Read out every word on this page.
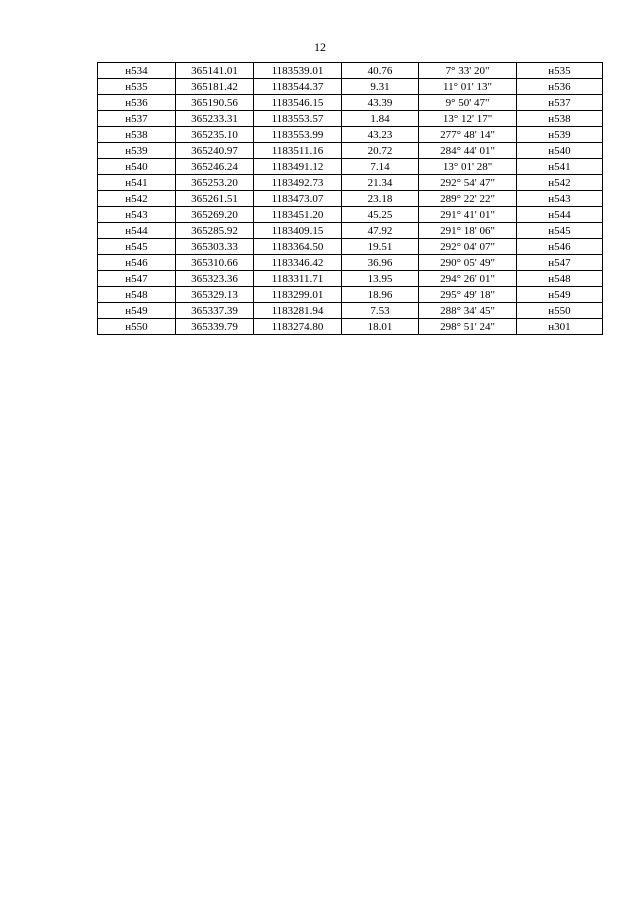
12
н534	365141.01	1183539.01	40.76	7° 33' 20"	н535
н535	365181.42	1183544.37	9.31	11° 01' 13"	н536
н536	365190.56	1183546.15	43.39	9° 50' 47"	н537
н537	365233.31	1183553.57	1.84	13° 12' 17"	н538
н538	365235.10	1183553.99	43.23	277° 48' 14"	н539
н539	365240.97	1183511.16	20.72	284° 44' 01"	н540
н540	365246.24	1183491.12	7.14	13° 01' 28"	н541
н541	365253.20	1183492.73	21.34	292° 54' 47"	н542
н542	365261.51	1183473.07	23.18	289° 22' 22"	н543
н543	365269.20	1183451.20	45.25	291° 41' 01"	н544
н544	365285.92	1183409.15	47.92	291° 18' 06"	н545
н545	365303.33	1183364.50	19.51	292° 04' 07"	н546
н546	365310.66	1183346.42	36.96	290° 05' 49"	н547
н547	365323.36	1183311.71	13.95	294° 26' 01"	н548
н548	365329.13	1183299.01	18.96	295° 49' 18"	н549
н549	365337.39	1183281.94	7.53	288° 34' 45"	н550
н550	365339.79	1183274.80	18.01	298° 51' 24"	н301
